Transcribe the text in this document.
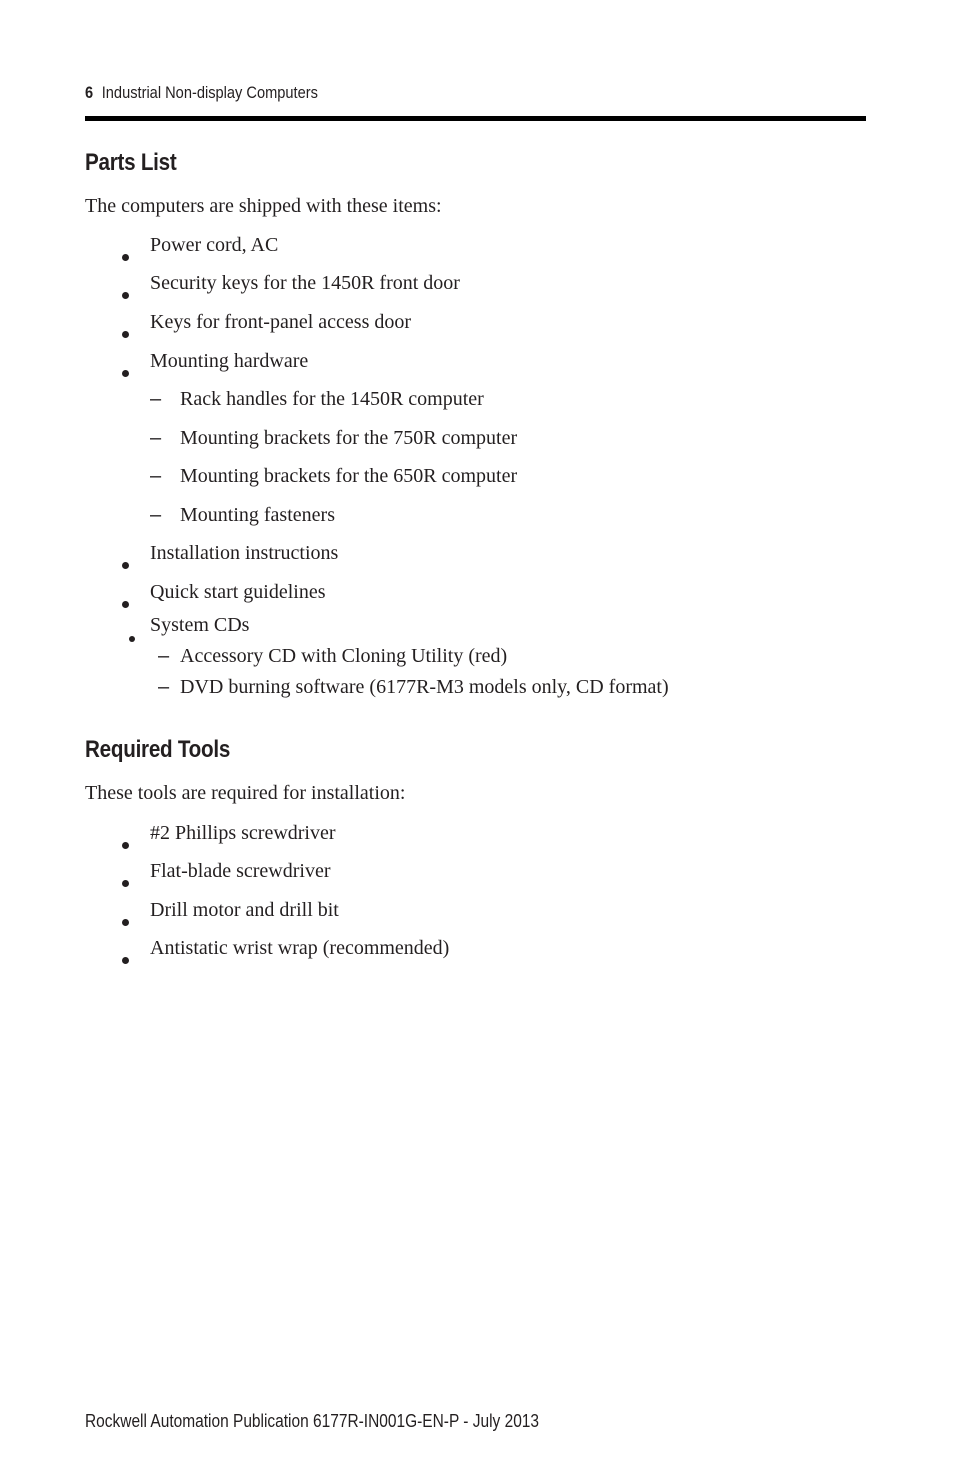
6 Industrial Non-display Computers
Parts List
The computers are shipped with these items:
Power cord, AC
Security keys for the 1450R front door
Keys for front-panel access door
Mounting hardware
– Rack handles for the 1450R computer
– Mounting brackets for the 750R computer
– Mounting brackets for the 650R computer
– Mounting fasteners
Installation instructions
Quick start guidelines
System CDs
– Accessory CD with Cloning Utility (red)
– DVD burning software (6177R-M3 models only, CD format)
Required Tools
These tools are required for installation:
#2 Phillips screwdriver
Flat-blade screwdriver
Drill motor and drill bit
Antistatic wrist wrap (recommended)
Rockwell Automation Publication 6177R-IN001G-EN-P - July 2013
